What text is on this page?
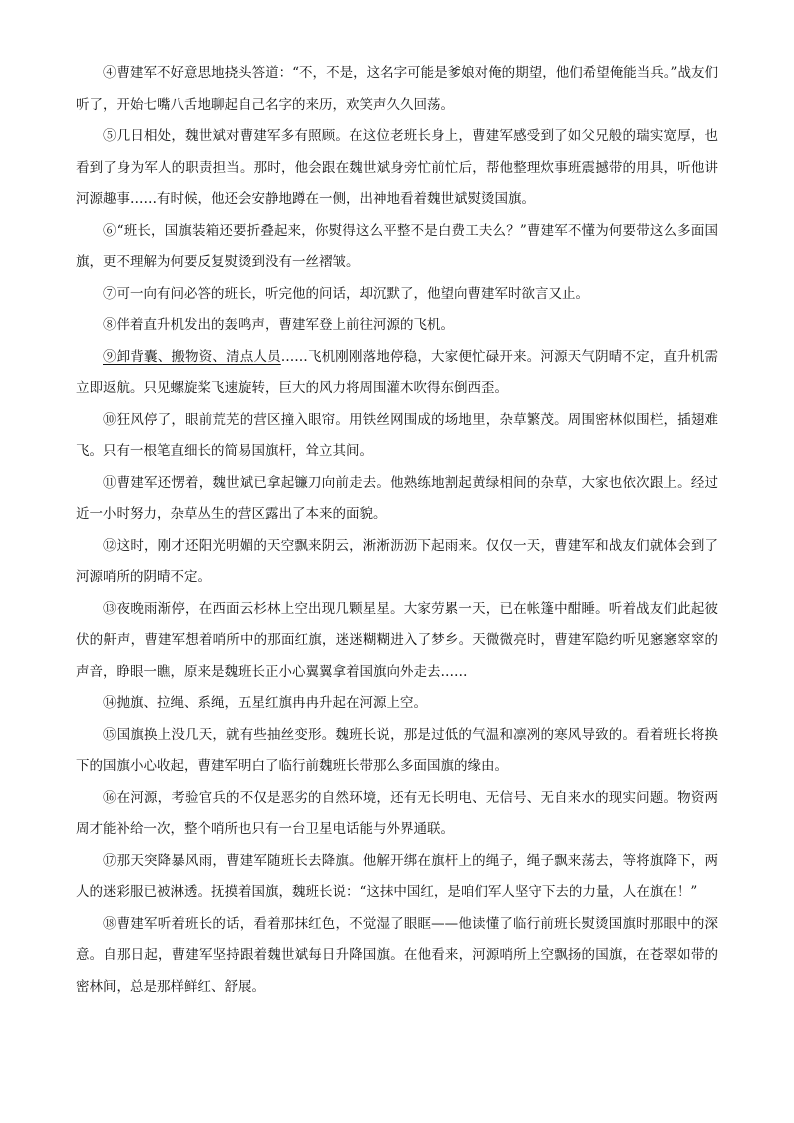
④曹建军不好意思地挠头答道：“不，不是，这名字可能是爹娘对俺的期望，他们希望俺能当兵。”战友们听了，开始七嘴八舌地聊起自己名字的来历，欢笑声久久回荡。

⑤几日相处，魏世斌对曹建军多有照顾。在这位老班长身上，曹建军感受到了如父兄般的瑞实宽厚，也看到了身为军人的职责担当。那时，他会跟在魏世斌身旁忙前忙后，帮他整理炊事班震撼带的用具，听他讲河源趣事……有时候，他还会安静地蹲在一侧，出神地看着魏世斌熨烫国旗。

⑥“班长，国旗装箱还要折叠起来，你熨得这么平整不是白费工夫么？”曹建军不懂为何要带这么多面国旗，更不理解为何要反复熨烫到没有一丝褶皱。

⑦可一向有问必答的班长，听完他的问话，却沉默了，他望向曹建军时欲言又止。

⑧伴着直升机发出的轰鸣声，曹建军登上前往河源的飞机。

⑨卸背囊、搬物资、清点人员……飞机刚刚落地停稳，大家便忙碌开来。河源天气阴晴不定，直升机需立即返航。只见螺旋桨飞速旋转，巨大的风力将周围灌木吹得东倒西歪。

⑩狂风停了，眼前荒芜的营区撞入眼帘。用铁丝网围成的场地里，杂草繁茂。周围密林似围栏，插翅难飞。只有一根笔直细长的简易国旗杆，耸立其间。

⑪曹建军还愣着，魏世斌已拿起镰刀向前走去。他熟练地割起黄绿相间的杂草，大家也依次跟上。经过近一小时努力，杂草丛生的营区露出了本来的面貌。

⑫这时，刚才还阳光明媚的天空飘来阴云，淅淅沥沥下起雨来。仅仅一天，曹建军和战友们就体会到了河源哨所的阴晴不定。

⑬夜晚雨渐停，在西面云杉林上空出现几颗星星。大家劳累一天，已在帐篷中酣睡。听着战友们此起彼伏的鼾声，曹建军想着哨所中的那面红旗，迷迷糊糊进入了梦乡。天微微亮时，曹建军隐约听见窸窸窣窣的声音，睁眼一瞧，原来是魏班长正小心翼翼拿着国旗向外走去……

⑭抛旗、拉绳、系绳，五星红旗冉冉升起在河源上空。

⑮国旗换上没几天，就有些抽丝变形。魏班长说，那是过低的气温和凛冽的寒风导致的。看着班长将换下的国旗小心收起，曹建军明白了临行前魏班长带那么多面国旗的缘由。

⑯在河源，考验官兵的不仅是恶劣的自然环境，还有无长明电、无信号、无自来水的现实问题。物资两周才能补给一次，整个哨所也只有一台卫星电话能与外界通联。

⑰那天突降暴风雨，曹建军随班长去降旗。他解开绑在旗杆上的绳子，绳子飘来荡去，等将旗降下，两人的迷彩服已被淋透。抚摸着国旗，魏班长说：“这抹中国红，是咱们军人坚守下去的力量，人在旗在！”

⑱曹建军听着班长的话，看着那抹红色，不觉湿了眼眶——他读懂了临行前班长熨烫国旗时那眼中的深意。自那日起，曹建军坚持跟着魏世斌每日升降国旗。在他看来，河源哨所上空飘扬的国旗，在苍翠如带的密林间，总是那样鲜红、舒展。
